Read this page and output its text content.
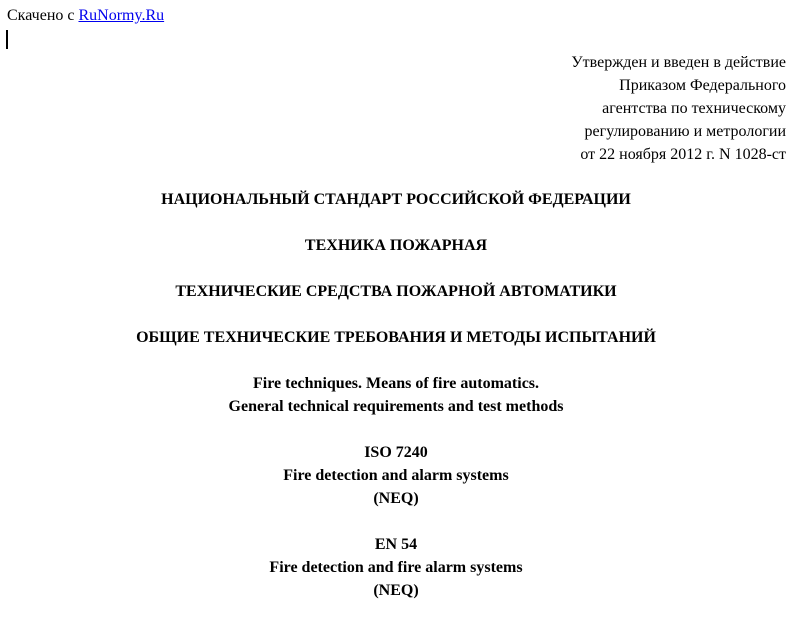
Скачено с RuNormy.Ru
Утвержден и введен в действие
Приказом Федерального
агентства по техническому
регулированию и метрологии
от 22 ноября 2012 г. N 1028-ст
НАЦИОНАЛЬНЫЙ СТАНДАРТ РОССИЙСКОЙ ФЕДЕРАЦИИ
ТЕХНИКА ПОЖАРНАЯ
ТЕХНИЧЕСКИЕ СРЕДСТВА ПОЖАРНОЙ АВТОМАТИКИ
ОБЩИЕ ТЕХНИЧЕСКИЕ ТРЕБОВАНИЯ И МЕТОДЫ ИСПЫТАНИЙ
Fire techniques. Means of fire automatics.
General technical requirements and test methods
ISO 7240
Fire detection and alarm systems
(NEQ)
EN 54
Fire detection and fire alarm systems
(NEQ)
